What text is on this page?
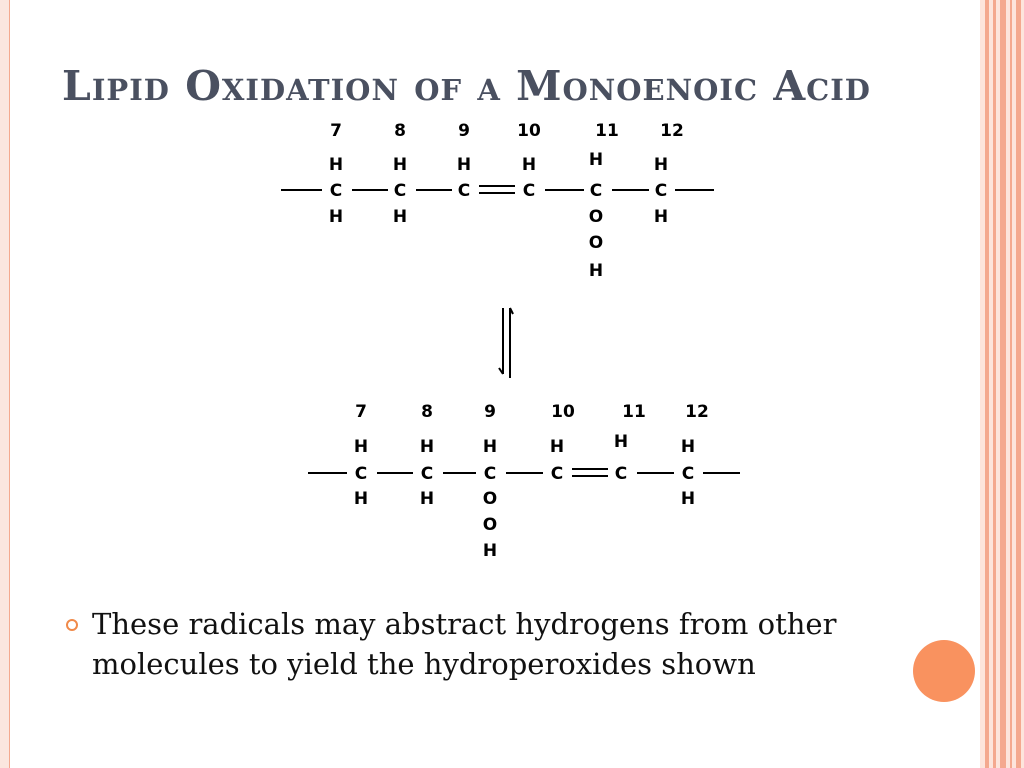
Lipid Oxidation of a Monoenoic Acid
7	8	9	10	11 12
H	H	H	H	H	H
C	C	C	C	C	C
H	H	H
O
O
H
7	8	9	10	11 12
H	H	H	H	H	H
C	C	C	C	C	C
H	H	H
O
O
H

These radicals may abstract hydrogens from other molecules to yield the hydroperoxides shown
